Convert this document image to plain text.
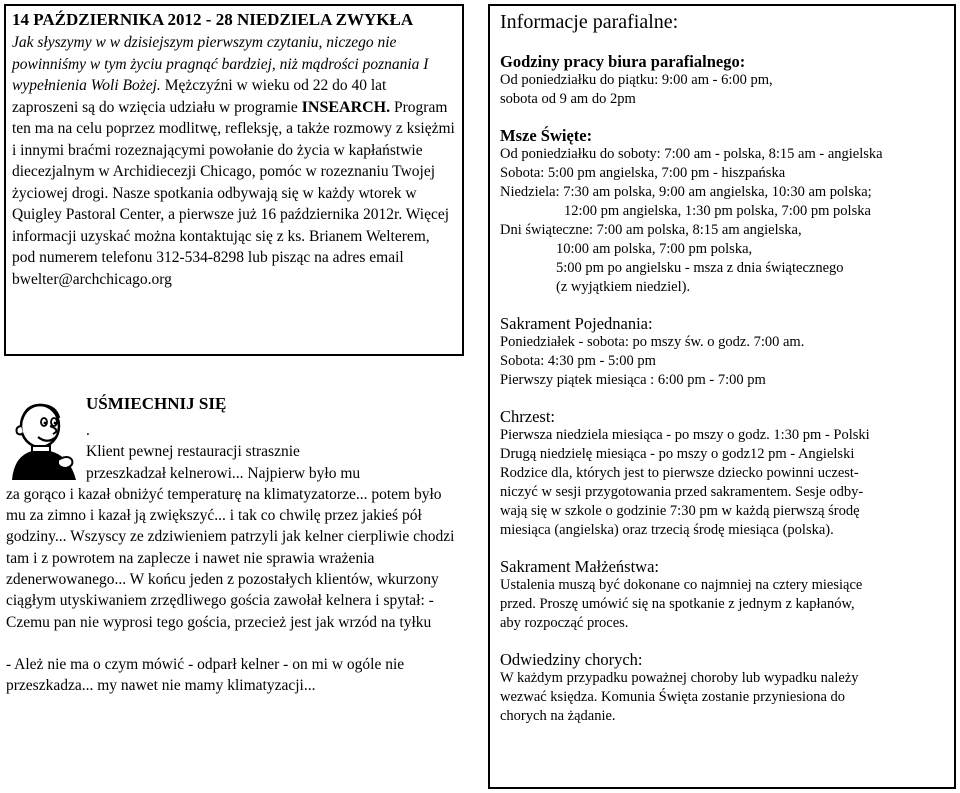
14 PAŹDZIERNIKA 2012 - 28 NIEDZIELA ZWYKŁA
Jak słyszymy w w dzisiejszym pierwszym czytaniu, niczego nie powinniśmy w tym życiu pragnąć bardziej, niż mądrości poznania I wypełnienia Woli Bożej. Mężczyźni w wieku od 22 do 40 lat zaproszeni są do wzięcia udziału w programie INSEARCH. Program ten ma na celu poprzez modlitwę, refleksję, a także rozmowy z księżmi i innymi braćmi rozeznającymi powołanie do życia w kapłaństwie diecezjalnym w Archidiecezji Chicago, pomóc w rozeznaniu Twojej życiowej drogi. Nasze spotkania odbywają się w każdy wtorek w Quigley Pastoral Center, a pierwsze już 16 października 2012r. Więcej informacji uzyskać można kontaktując się z ks. Brianem Welterem, pod numerem telefonu 312-534-8298 lub pisząc na adres email bwelter@archchicago.org
UŚMIECHNIJ SIĘ
.
Klient pewnej restauracji strasznie
przeszkadzał kelnerowi... Najpierw było mu
za gorąco i kazał obniżyć temperaturę na klimatyzatorze... potem było mu za zimno i kazał ją zwiększyć... i tak co chwilę przez jakieś pół godziny... Wszyscy ze zdziwieniem patrzyli jak kelner cierpliwie chodzi tam i z powrotem na zaplecze i nawet nie sprawia wrażenia zdenerwowanego... W końcu jeden z pozostałych klientów, wkurzony ciągłym utyskiwaniem zrzędliwego gościa zawołał kelnera i spytał: - Czemu pan nie wyprosi tego gościa, przecież jest jak wrzód na tyłku
- Ależ nie ma o czym mówić - odparł kelner - on mi w ogóle nie przeszkadza... my nawet nie mamy klimatyzacji...
Informacje parafialne:
Godziny pracy biura parafialnego:
Od poniedziałku do piątku: 9:00 am - 6:00 pm,
sobota od 9 am do 2pm
Msze Święte:
Od poniedziałku do soboty: 7:00 am - polska, 8:15 am - angielska
Sobota: 5:00 pm angielska, 7:00 pm - hiszpańska
Niedziela: 7:30 am polska, 9:00 am angielska, 10:30 am polska;
12:00 pm angielska, 1:30 pm polska, 7:00 pm polska
Dni świąteczne: 7:00 am polska, 8:15 am angielska,
10:00 am polska, 7:00 pm polska,
5:00 pm po angielsku - msza z dnia świątecznego
(z wyjątkiem niedziel).
Sakrament Pojednania:
Poniedziałek - sobota: po mszy św. o godz. 7:00 am.
Sobota: 4:30 pm - 5:00 pm
Pierwszy piątek miesiąca : 6:00 pm - 7:00 pm
Chrzest:
Pierwsza niedziela miesiąca - po mszy o godz. 1:30 pm - Polski
Drugą niedzielę miesiąca - po mszy o godz12 pm - Angielski
Rodzice dla, których jest to pierwsze dziecko powinni uczest-
niczyć w sesji przygotowania przed sakramentem. Sesje odby-
wają się w szkole o godzinie 7:30 pm w każdą pierwszą środę
miesiąca (angielska) oraz trzecią środę miesiąca (polska).
Sakrament Małżeństwa:
Ustalenia muszą być dokonane co najmniej na cztery miesiące
przed. Proszę umówić się na spotkanie z jednym z kapłanów,
aby rozpocząć proces.
Odwiedziny chorych:
W każdym przypadku poważnej choroby lub wypadku należy
wezwać księdza. Komunia Święta zostanie przyniesiona do
chorych na żądanie.
